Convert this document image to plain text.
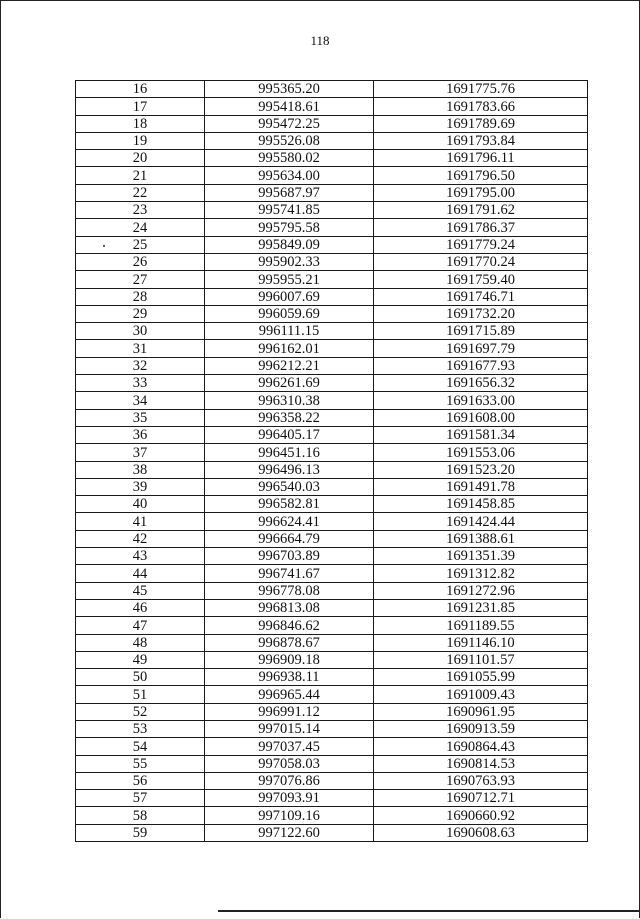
118
16	995365.20	1691775.76
17	995418.61	1691783.66
18	995472.25	1691789.69
19	995526.08	1691793.84
20	995580.02	1691796.11
21	995634.00	1691796.50
22	995687.97	1691795.00
23	995741.85	1691791.62
24	995795.58	1691786.37
25	995849.09	1691779.24
26	995902.33	1691770.24
27	995955.21	1691759.40
28	996007.69	1691746.71
29	996059.69	1691732.20
30	996111.15	1691715.89
31	996162.01	1691697.79
32	996212.21	1691677.93
33	996261.69	1691656.32
34	996310.38	1691633.00
35	996358.22	1691608.00
36	996405.17	1691581.34
37	996451.16	1691553.06
38	996496.13	1691523.20
39	996540.03	1691491.78
40	996582.81	1691458.85
41	996624.41	1691424.44
42	996664.79	1691388.61
43	996703.89	1691351.39
44	996741.67	1691312.82
45	996778.08	1691272.96
46	996813.08	1691231.85
47	996846.62	1691189.55
48	996878.67	1691146.10
49	996909.18	1691101.57
50	996938.11	1691055.99
51	996965.44	1691009.43
52	996991.12	1690961.95
53	997015.14	1690913.59
54	997037.45	1690864.43
55	997058.03	1690814.53
56	997076.86	1690763.93
57	997093.91	1690712.71
58	997109.16	1690660.92
59	997122.60	1690608.63
